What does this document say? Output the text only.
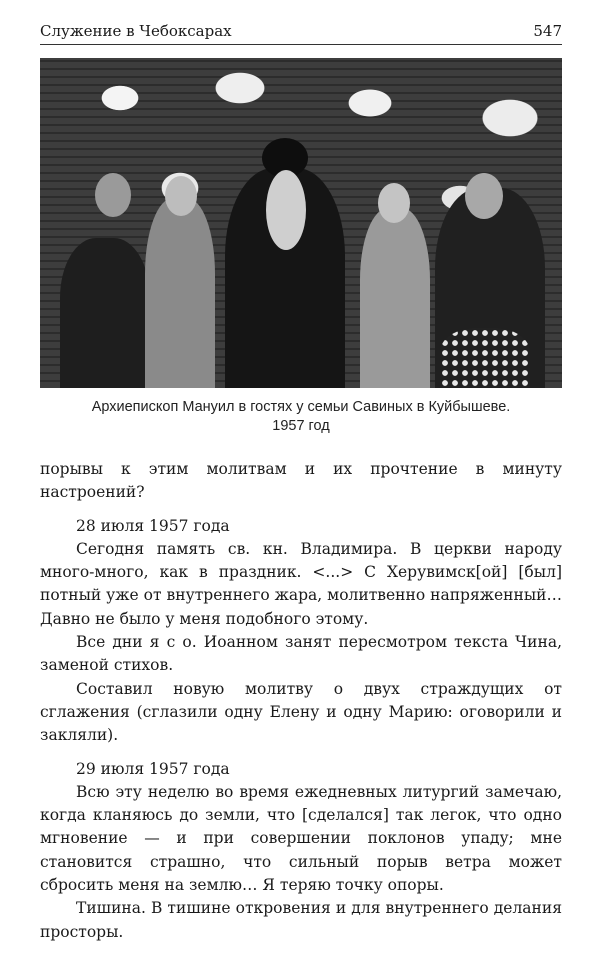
Служение в Чебоксарах	547
Архиепископ Мануил в гостях у семьи Савиных в Куйбышеве.
1957 год

порывы к этим молитвам и их прочтение в минуту настроений?

28 июля 1957 года

Сегодня память св. кн. Владимира. В церкви народу много-много, как в праздник. <...> С Херувимск[ой] [был] потный уже от внутреннего жара, молитвенно напряженный… Давно не было у меня подобного этому.

Все дни я с о. Иоанном занят пересмотром текста Чина, заменой стихов.

Составил новую молитву о двух страждущих от сглажения (сглазили одну Елену и одну Марию: оговорили и закляли).

29 июля 1957 года

Всю эту неделю во время ежедневных литургий замечаю, когда кланяюсь до земли, что [сделался] так легок, что одно мгновение — и при совершении поклонов упаду; мне становится страшно, что сильный порыв ветра может сбросить меня на землю… Я теряю точку опоры.

Тишина. В тишине откровения и для внутреннего делания просторы.
